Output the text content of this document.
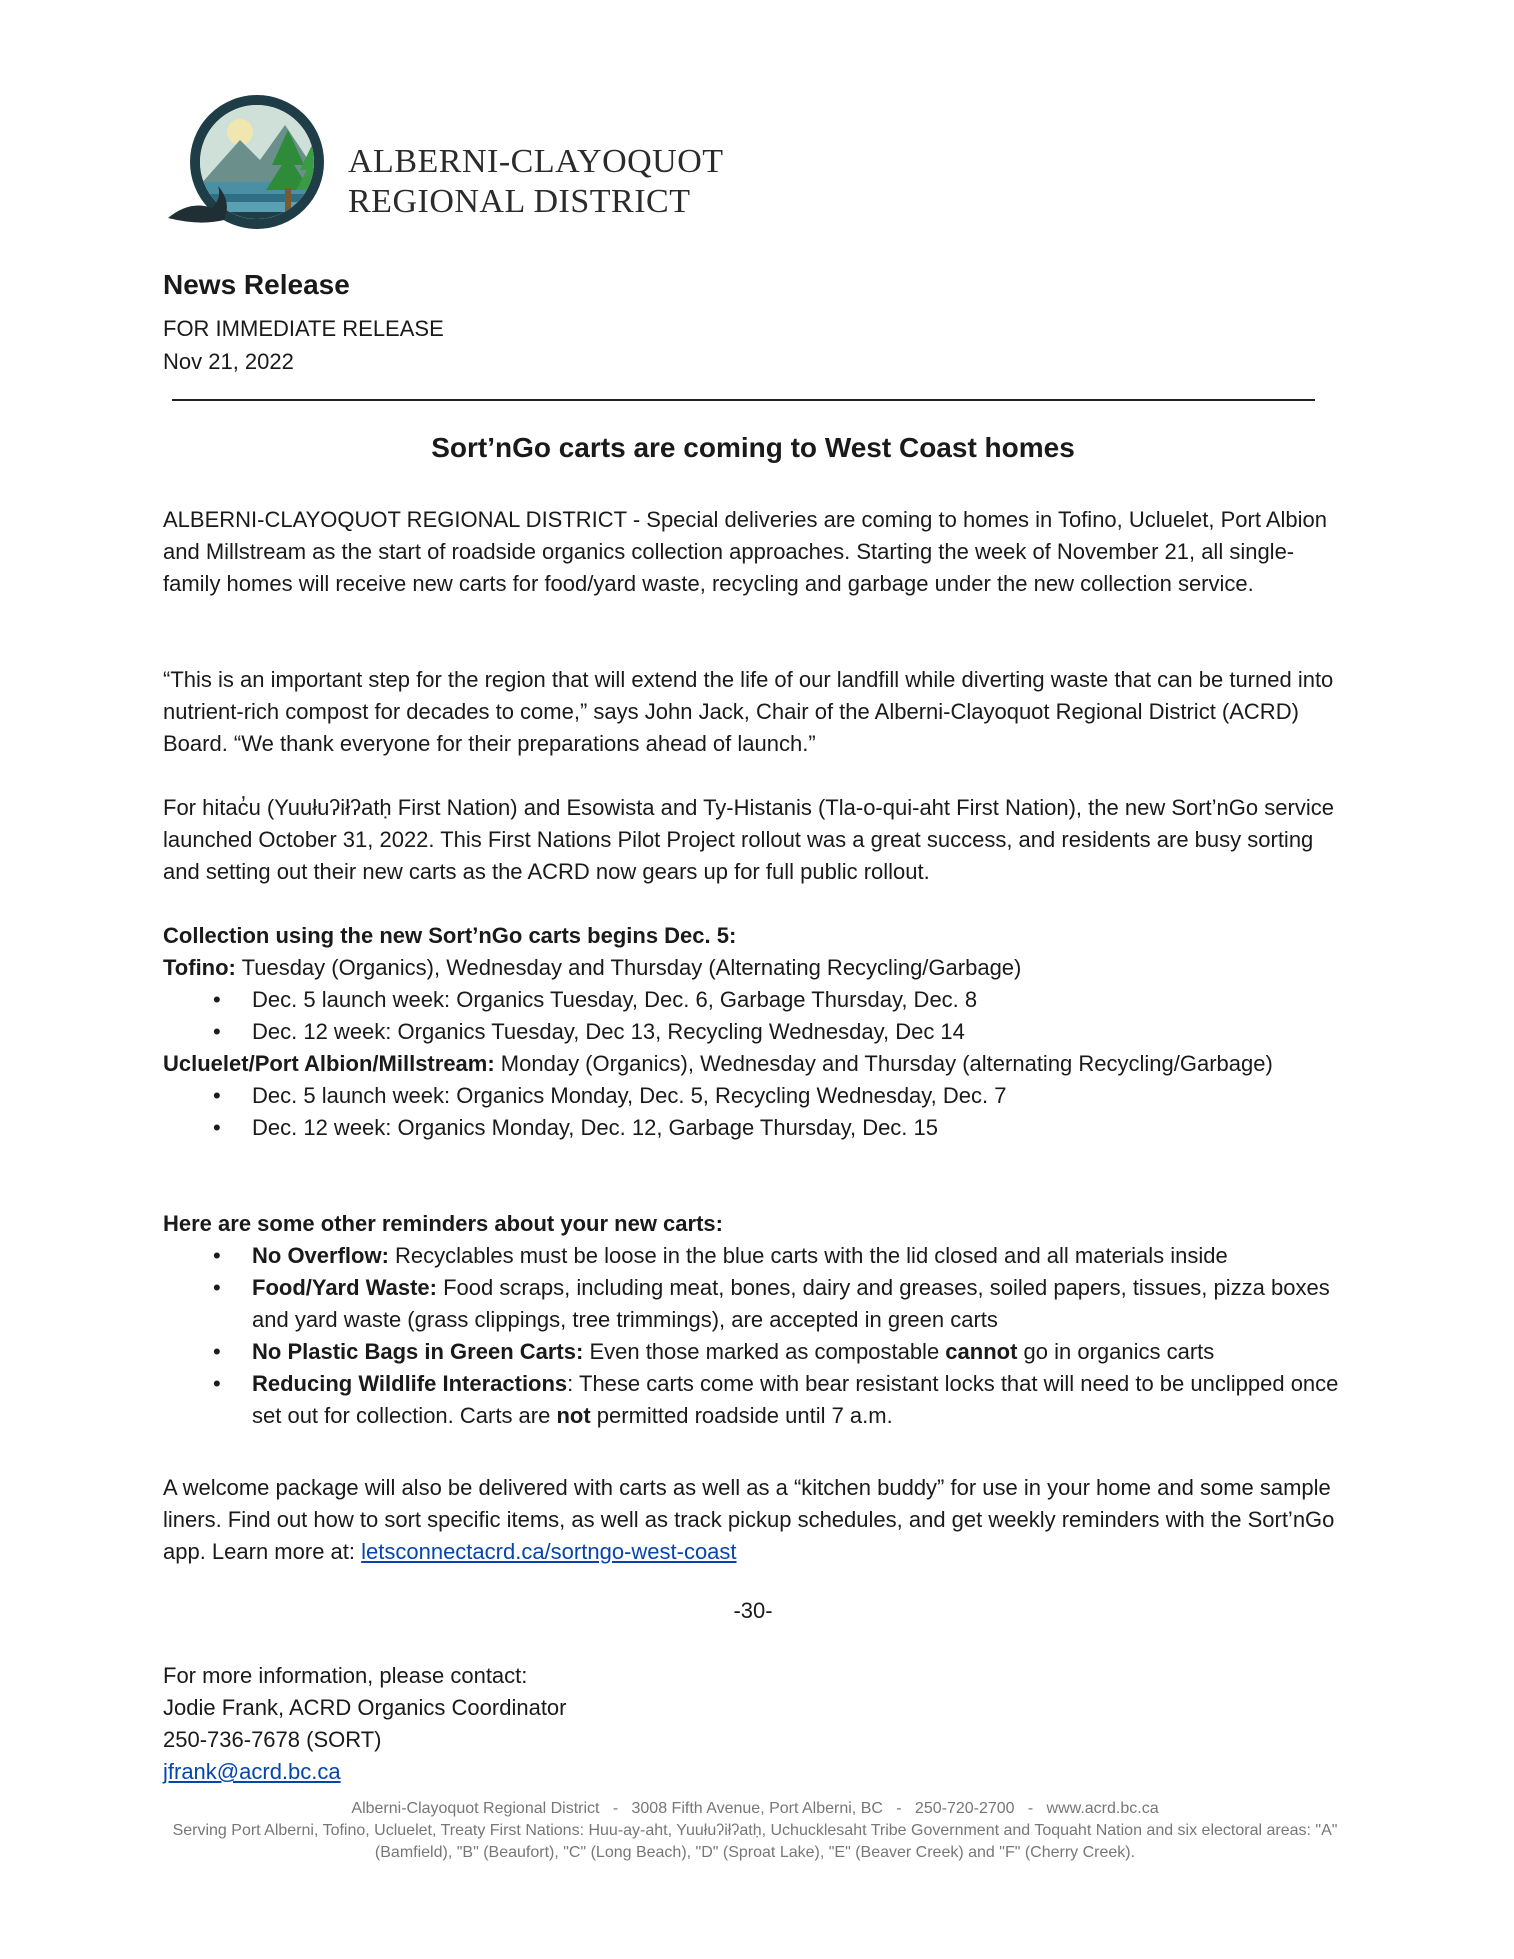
ALBERNI-CLAYOQUOT
REGIONAL DISTRICT
News Release
FOR IMMEDIATE RELEASE
Nov 21, 2022
Sort’nGo carts are coming to West Coast homes

ALBERNI-CLAYOQUOT REGIONAL DISTRICT - Special deliveries are coming to homes in Tofino, Ucluelet, Port Albion and Millstream as the start of roadside organics collection approaches. Starting the week of November 21, all single-family homes will receive new carts for food/yard waste, recycling and garbage under the new collection service.

“This is an important step for the region that will extend the life of our landfill while diverting waste that can be turned into nutrient-rich compost for decades to come,” says John Jack, Chair of the Alberni-Clayoquot Regional District (ACRD) Board. “We thank everyone for their preparations ahead of launch.”

For hitac̓u (Yuułuʔiłʔatḥ First Nation) and Esowista and Ty-Histanis (Tla-o-qui-aht First Nation), the new Sort’nGo service launched October 31, 2022. This First Nations Pilot Project rollout was a great success, and residents are busy sorting and setting out their new carts as the ACRD now gears up for full public rollout.

Collection using the new Sort’nGo carts begins Dec. 5:

Tofino: Tuesday (Organics), Wednesday and Thursday (Alternating Recycling/Garbage)

• Dec. 5 launch week: Organics Tuesday, Dec. 6, Garbage Thursday, Dec. 8
• Dec. 12 week: Organics Tuesday, Dec 13, Recycling Wednesday, Dec 14

Ucluelet/Port Albion/Millstream: Monday (Organics), Wednesday and Thursday (alternating Recycling/Garbage)

• Dec. 5 launch week: Organics Monday, Dec. 5, Recycling Wednesday, Dec. 7
• Dec. 12 week: Organics Monday, Dec. 12, Garbage Thursday, Dec. 15

Here are some other reminders about your new carts:

• No Overflow: Recyclables must be loose in the blue carts with the lid closed and all materials inside
• Food/Yard Waste: Food scraps, including meat, bones, dairy and greases, soiled papers, tissues, pizza boxes and yard waste (grass clippings, tree trimmings), are accepted in green carts
• No Plastic Bags in Green Carts: Even those marked as compostable cannot go in organics carts
• Reducing Wildlife Interactions: These carts come with bear resistant locks that will need to be unclipped once set out for collection. Carts are not permitted roadside until 7 a.m.

A welcome package will also be delivered with carts as well as a “kitchen buddy” for use in your home and some sample liners. Find out how to sort specific items, as well as track pickup schedules, and get weekly reminders with the Sort’nGo app. Learn more at: letsconnectacrd.ca/sortngo-west-coast

-30-
For more information, please contact:
Jodie Frank, ACRD Organics Coordinator
250-736-7678 (SORT)
jfrank@acrd.bc.ca
Alberni-Clayoquot Regional District   -   3008 Fifth Avenue, Port Alberni, BC   -   250-720-2700   -   www.acrd.bc.ca
Serving Port Alberni, Tofino, Ucluelet, Treaty First Nations: Huu-ay-aht, Yuułuʔiłʔatḥ, Uchucklesaht Tribe Government and Toquaht Nation and six electoral areas: "A" (Bamfield), "B" (Beaufort), "C" (Long Beach), "D" (Sproat Lake), "E" (Beaver Creek) and "F" (Cherry Creek).
